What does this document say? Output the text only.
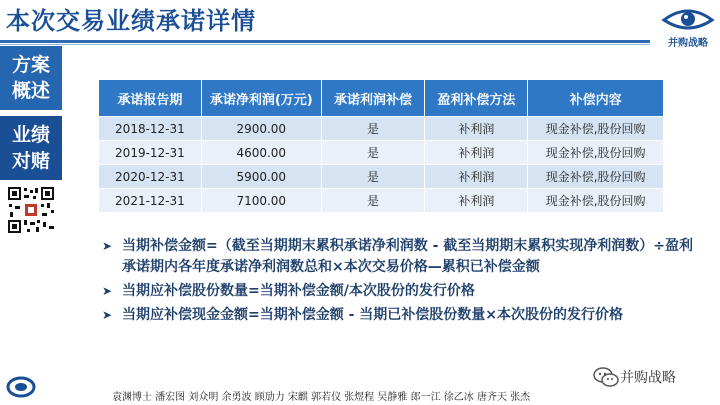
本次交易业绩承诺详情
并购战略
方案
概述
业绩
对赌
承诺报告期	承诺净利润(万元)	承诺利润补偿	盈利补偿方法	补偿内容
2018-12-31	2900.00	是	补利润	现金补偿,股份回购
2019-12-31	4600.00	是	补利润	现金补偿,股份回购
2020-12-31	5900.00	是	补利润	现金补偿,股份回购
2021-12-31	7100.00	是	补利润	现金补偿,股份回购
➤ 当期补偿金额=（截至当期期末累积承诺净利润数 - 截至当期期末累积实现净利润数）÷盈利承诺期内各年度承诺净利润数总和×本次交易价格—累积已补偿金额
➤ 当期应补偿股份数量=当期补偿金额/本次股份的发行价格
➤ 当期应补偿现金金额=当期补偿金额 - 当期已补偿股份数量×本次股份的发行价格
袁渊博士 潘宏图 刘众明 余勇波 顾劢力 宋麒 郭若仪 张煜程 吴静雅 郎一江 徐乙冰 唐齐天 张杰
并购战略
